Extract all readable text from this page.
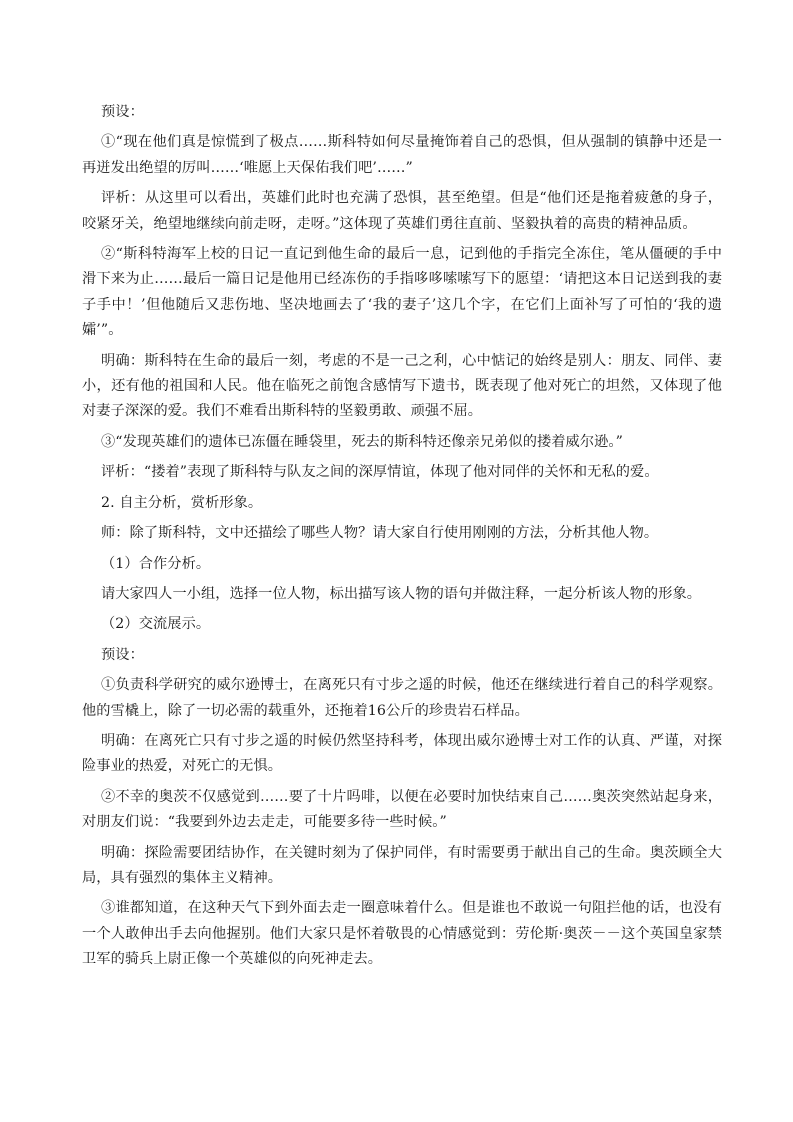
预设：

①“现在他们真是惊慌到了极点……斯科特如何尽量掩饰着自己的恐惧，但从强制的镇静中还是一再迸发出绝望的厉叫……‘唯愿上天保佑我们吧’……”

评析：从这里可以看出，英雄们此时也充满了恐惧，甚至绝望。但是“他们还是拖着疲惫的身子，咬紧牙关，绝望地继续向前走呀，走呀。”这体现了英雄们勇往直前、坚毅执着的高贵的精神品质。

②“斯科特海军上校的日记一直记到他生命的最后一息，记到他的手指完全冻住，笔从僵硬的手中滑下来为止……最后一篇日记是他用已经冻伤的手指哆哆嗦嗦写下的愿望：‘请把这本日记送到我的妻子手中！’但他随后又悲伤地、坚决地画去了‘我的妻子’这几个字，在它们上面补写了可怕的‘我的遗孀’”。

明确：斯科特在生命的最后一刻，考虑的不是一己之利，心中惦记的始终是别人：朋友、同伴、妻小，还有他的祖国和人民。他在临死之前饱含感情写下遗书，既表现了他对死亡的坦然，又体现了他对妻子深深的爱。我们不难看出斯科特的坚毅勇敢、顽强不屈。

③“发现英雄们的遗体已冻僵在睡袋里，死去的斯科特还像亲兄弟似的搂着威尔逊。”

评析：“搂着”表现了斯科特与队友之间的深厚情谊，体现了他对同伴的关怀和无私的爱。

2. 自主分析，赏析形象。

师：除了斯科特，文中还描绘了哪些人物？请大家自行使用刚刚的方法，分析其他人物。

（1）合作分析。

请大家四人一小组，选择一位人物，标出描写该人物的语句并做注释，一起分析该人物的形象。

（2）交流展示。

预设：

①负责科学研究的威尔逊博士，在离死只有寸步之遥的时候，他还在继续进行着自己的科学观察。他的雪橇上，除了一切必需的载重外，还拖着16公斤的珍贵岩石样品。

明确：在离死亡只有寸步之遥的时候仍然坚持科考，体现出威尔逊博士对工作的认真、严谨，对探险事业的热爱，对死亡的无惧。

②不幸的奥茨不仅感觉到……要了十片吗啡，以便在必要时加快结束自己……奥茨突然站起身来，对朋友们说：“我要到外边去走走，可能要多待一些时候。”

明确：探险需要团结协作，在关键时刻为了保护同伴，有时需要勇于献出自己的生命。奥茨顾全大局，具有强烈的集体主义精神。

③谁都知道，在这种天气下到外面去走一圈意味着什么。但是谁也不敢说一句阻拦他的话，也没有一个人敢伸出手去向他握别。他们大家只是怀着敬畏的心情感觉到：劳伦斯·奥茨－－这个英国皇家禁卫军的骑兵上尉正像一个英雄似的向死神走去。
